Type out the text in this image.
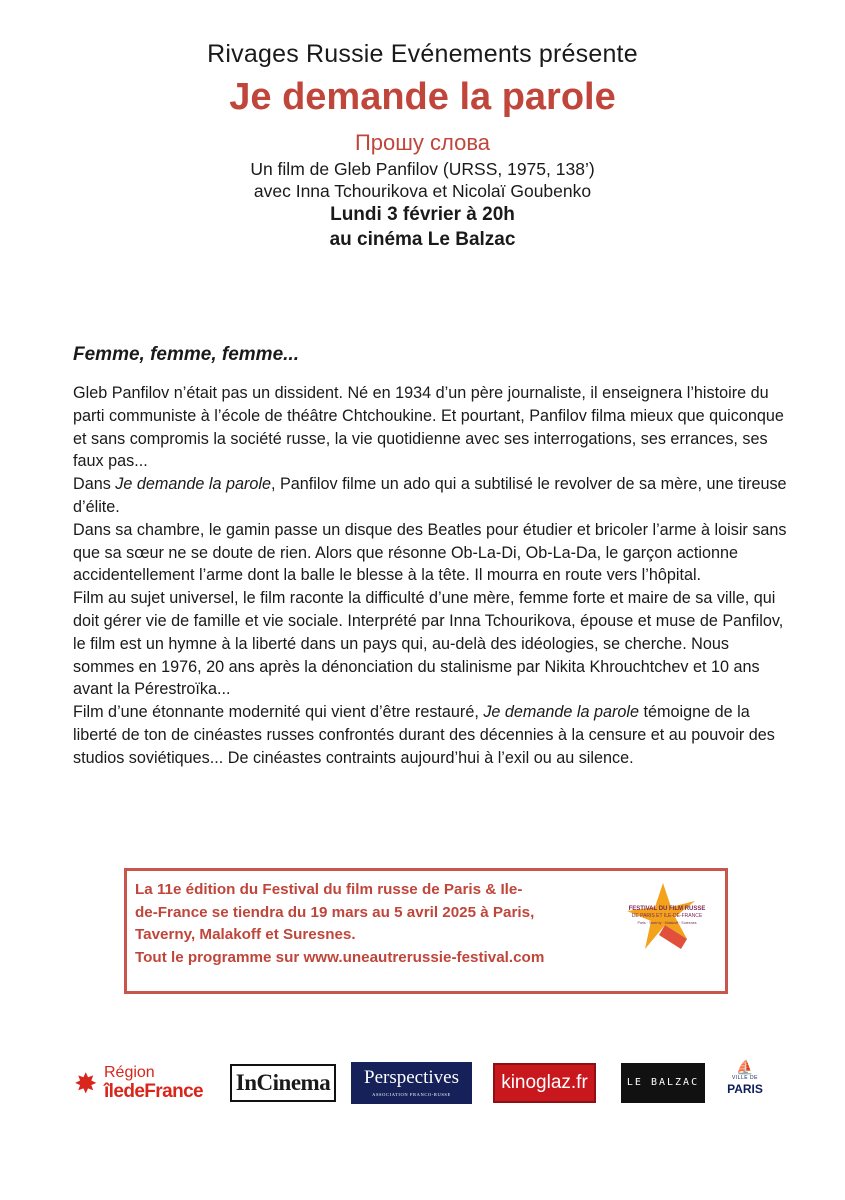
Rivages Russie Evénements présente
Je demande la parole
Прошу слова
Un film de Gleb Panfilov (URSS, 1975, 138’)
avec Inna Tchourikova et Nicolaï Goubenko
Lundi 3 février à 20h
au cinéma Le Balzac
Femme, femme, femme...

Gleb Panfilov n’était pas un dissident. Né en 1934 d’un père journaliste, il enseignera l’histoire du parti communiste à l’école de théâtre Chtchoukine. Et pourtant, Panfilov filma mieux que quiconque et sans compromis la société russe, la vie quotidienne avec ses interrogations, ses errances, ses faux pas...

Dans Je demande la parole, Panfilov filme un ado qui a subtilisé le revolver de sa mère, une tireuse d’élite.

Dans sa chambre, le gamin passe un disque des Beatles pour étudier et bricoler l’arme à loisir sans que sa sœur ne se doute de rien. Alors que résonne Ob-La-Di, Ob-La-Da, le garçon actionne accidentellement l’arme dont la balle le blesse à la tête. Il mourra en route vers l’hôpital.

Film au sujet universel, le film raconte la difficulté d’une mère, femme forte et maire de sa ville, qui doit gérer vie de famille et vie sociale. Interprété par Inna Tchourikova, épouse et muse de Panfilov, le film est un hymne à la liberté dans un pays qui, au-delà des idéologies, se cherche. Nous sommes en 1976, 20 ans après la dénonciation du stalinisme par Nikita Khrouchtchev et 10 ans avant la Pérestroïka...

Film d’une étonnante modernité qui vient d’être restauré, Je demande la parole témoigne de la liberté de ton de cinéastes russes confrontés durant des décennies à la censure et au pouvoir des studios soviétiques... De cinéastes contraints aujourd’hui à l’exil ou au silence.

La 11e édition du Festival du film russe de Paris & Ile-
de-France se tiendra du 19 mars au 5 avril 2025 à Paris,
Taverny, Malakoff et Suresnes.
Tout le programme sur www.uneautrerussie-festival.com
FESTIVAL DU FILM RUSSE
DE PARIS ET ILE-DE-FRANCE
Paris · Taverny · Malakoff · Suresnes
✸ Région
îledeFrance InCinema	Perspectives
ASSOCIATION FRANCO-RUSSE
kinoglaz.fr	LE BALZAC
⛵
VILLE DE
PARIS
